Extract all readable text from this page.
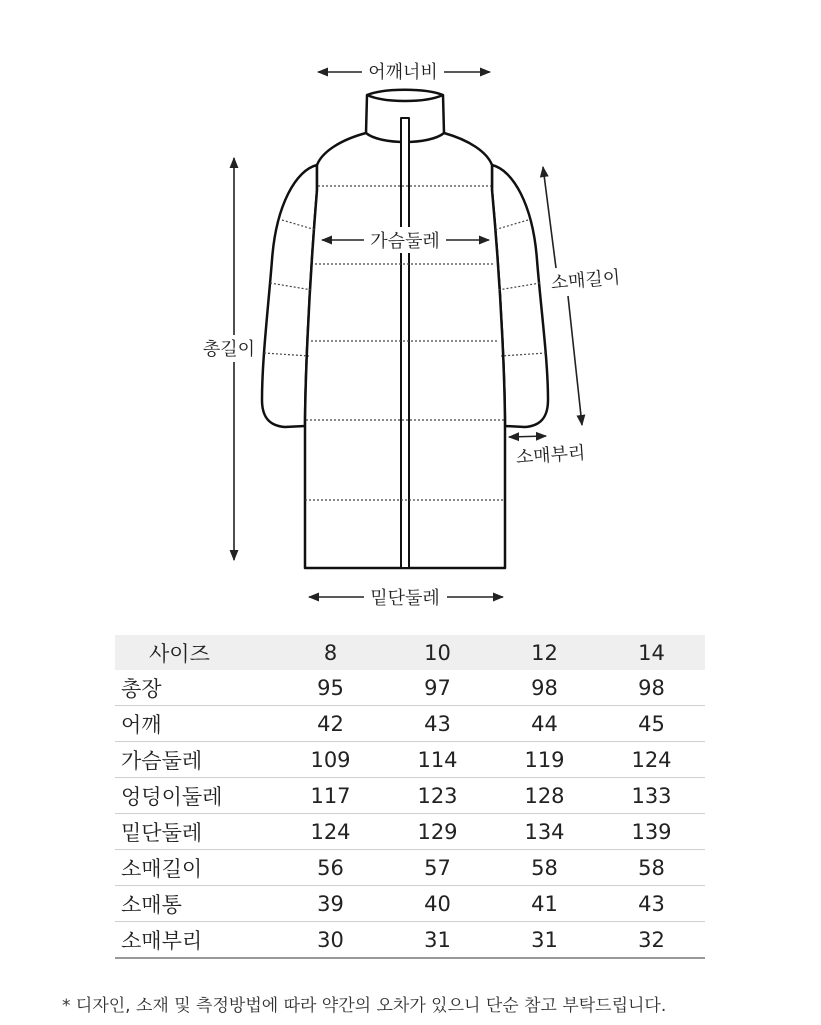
어깨너비
가슴둘레
총길이
소매길이
소매부리
밑단둘레
사이즈	8	10	12	14
총장	95	97	98	98
어깨	42	43	44	45
가슴둘레	109	114	119	124
엉덩이둘레	117	123	128	133
밑단둘레	124	129	134	139
소매길이	56	57	58	58
소매통	39	40	41	43
소매부리	30	31	31	32
* 디자인, 소재 및 측정방법에 따라 약간의 오차가 있으니 단순 참고 부탁드립니다.
